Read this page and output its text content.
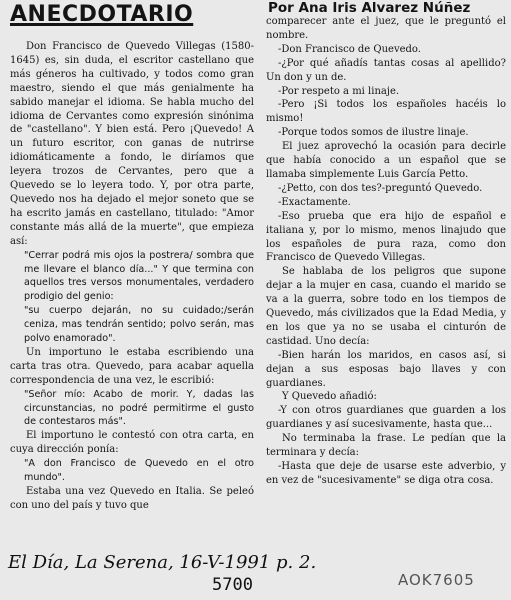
ANECDOTARIO	Por Ana Iris Alvarez Núñez

Don Francisco de Quevedo Villegas (1580-1645) es, sin duda, el escritor castellano que más géneros ha cultivado, y todos como gran maestro, siendo el que más genialmente ha sabido manejar el idioma. Se habla mucho del idioma de Cervantes como expresión sinónima de "castellano". Y bien está. Pero ¡Quevedo! A un futuro escritor, con ganas de nutrirse idiomáticamente a fondo, le diríamos que leyera trozos de Cervantes, pero que a Quevedo se lo leyera todo. Y, por otra parte, Quevedo nos ha dejado el mejor soneto que se ha escrito jamás en castellano, titulado: "Amor constante más allá de la muerte", que empieza así:

"Cerrar podrá mis ojos la postrera/ sombra que me llevare el blanco día..." Y que termina con aquellos tres versos monumentales, verdadero prodigio del genio:

"su cuerpo dejarán, no su cuidado;/serán ceniza, mas tendrán sentido; polvo serán, mas polvo enamorado".

Un importuno le estaba escribiendo una carta tras otra. Quevedo, para acabar aquella correspondencia de una vez, le escribió:

"Señor mío: Acabo de morir. Y, dadas las circunstancias, no podré permitirme el gusto de contestaros más".

El importuno le contestó con otra carta, en cuya dirección ponía:

"A don Francisco de Quevedo en el otro mundo".

Estaba una vez Quevedo en Italia. Se peleó con uno del país y tuvo que

comparecer ante el juez, que le preguntó el nombre.

-Don Francisco de Quevedo.

-¿Por qué añadís tantas cosas al apellido? Un don y un de.

-Por respeto a mi linaje.

-Pero ¡Si todos los españoles hacéis lo mismo!

-Porque todos somos de ilustre linaje.

El juez aprovechó la ocasión para decirle que había conocido a un español que se llamaba simplemente Luis García Petto.

-¿Petto, con dos tes?-preguntó Quevedo.

-Exactamente.

-Eso prueba que era hijo de español e italiana y, por lo mismo, menos linajudo que los españoles de pura raza, como don Francisco de Quevedo Villegas.

Se hablaba de los peligros que supone dejar a la mujer en casa, cuando el marido se va a la guerra, sobre todo en los tiempos de Quevedo, más civilizados que la Edad Media, y en los que ya no se usaba el cinturón de castidad. Uno decía:

-Bien harán los maridos, en casos así, si dejan a sus esposas bajo llaves y con guardianes.

Y Quevedo añadió:

-Y con otros guardianes que guarden a los guardianes y así sucesivamente, hasta que...

No terminaba la frase. Le pedían que la terminara y decía:

-Hasta que deje de usarse este adverbio, y en vez de "sucesivamente" se diga otra cosa.

El Día, La Serena, 16-V-1991 p. 2.
5700	AOK7605
